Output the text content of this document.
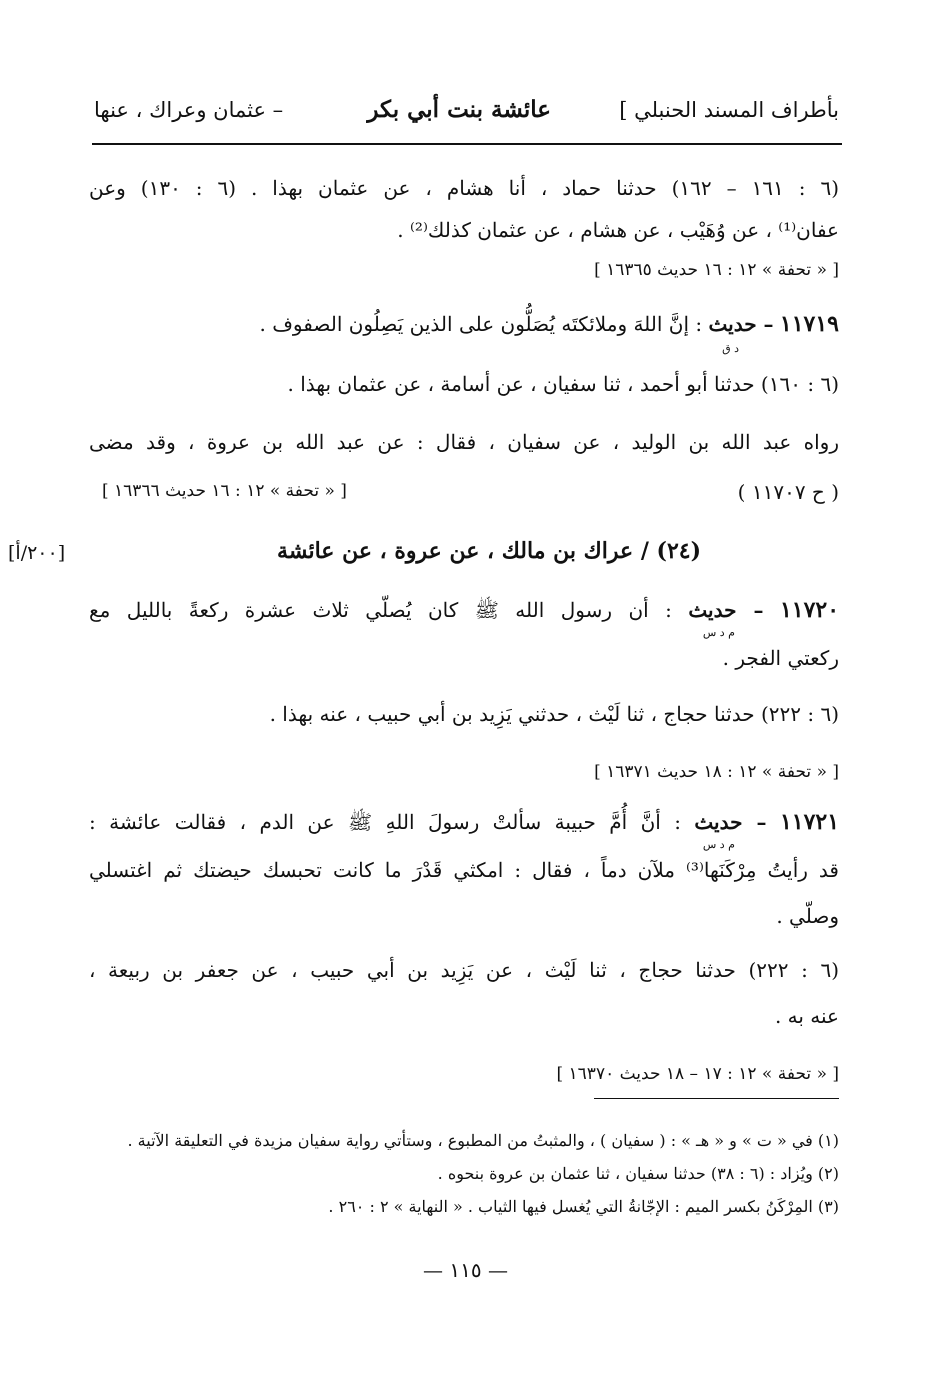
بأطراف المسند الحنبلي ]
عائشة بنت أبي بكر
– عثمان وعراك ، عنها
(٦ : ١٦١ – ١٦٢) حدثنا حماد ، أنا هشام ، عن عثمان بهذا . (٦ : ١٣٠) وعن
عفان⁽¹⁾ ، عن وُهَيْب ، عن هشام ، عن عثمان كذلك⁽²⁾ .
[ « تحفة » ١٢ : ١٦ حديث ١٦٣٦٥ ]
١١٧١٩ – حديث : إنَّ اللهَ وملائكتَه يُصَلُّون على الذين يَصِلُون الصفوف .
د ق
(٦ : ١٦٠) حدثنا أبو أحمد ، ثنا سفيان ، عن أسامة ، عن عثمان بهذا .
رواه عبد الله بن الوليد ، عن سفيان ، فقال : عن عبد الله بن عروة ، وقد مضى
( ح ١١٧٠٧ )
[ « تحفة » ١٢ : ١٦ حديث ١٦٣٦٦ ]
(٢٤) / عراك بن مالك ، عن عروة ، عن عائشة
[٢٠٠/أ]
١١٧٢٠ – حديث : أن رسول الله ﷺ كان يُصلّي ثلاث عشرة ركعةً بالليل مع
م د س
ركعتي الفجر .
(٦ : ٢٢٢) حدثنا حجاج ، ثنا لَيْث ، حدثني يَزِيد بن أبي حبيب ، عنه بهذا .
[ « تحفة » ١٢ : ١٨ حديث ١٦٣٧١ ]
١١٧٢١ – حديث : أنَّ أُمَّ حبيبة سألتْ رسولَ اللهِ ﷺ عن الدم ، فقالت عائشة :
م د س
قد رأيتُ مِرْكَنَها⁽³⁾ ملآن دماً ، فقال : امكثي قَدْرَ ما كانت تحبسك حيضتك ثم اغتسلي
وصلّي .
(٦ : ٢٢٢) حدثنا حجاج ، ثنا لَيْث ، عن يَزِيد بن أبي حبيب ، عن جعفر بن ربيعة ،
عنه به .
[ « تحفة » ١٢ : ١٧ – ١٨ حديث ١٦٣٧٠ ]
(١) في « ت » و « هـ » : ( سفيان ) ، والمثبتُ من المطبوع ، وستأتي رواية سفيان مزيدة في التعليقة الآتية .
(٢) ويُزاد : (٦ : ٣٨) حدثنا سفيان ، ثنا عثمان بن عروة بنحوه .
(٣) المِرْكَنُ بكسر الميم : الإجّانةُ التي يُغسل فيها الثياب . « النهاية » ٢ : ٢٦٠ .
— ١١٥ —
